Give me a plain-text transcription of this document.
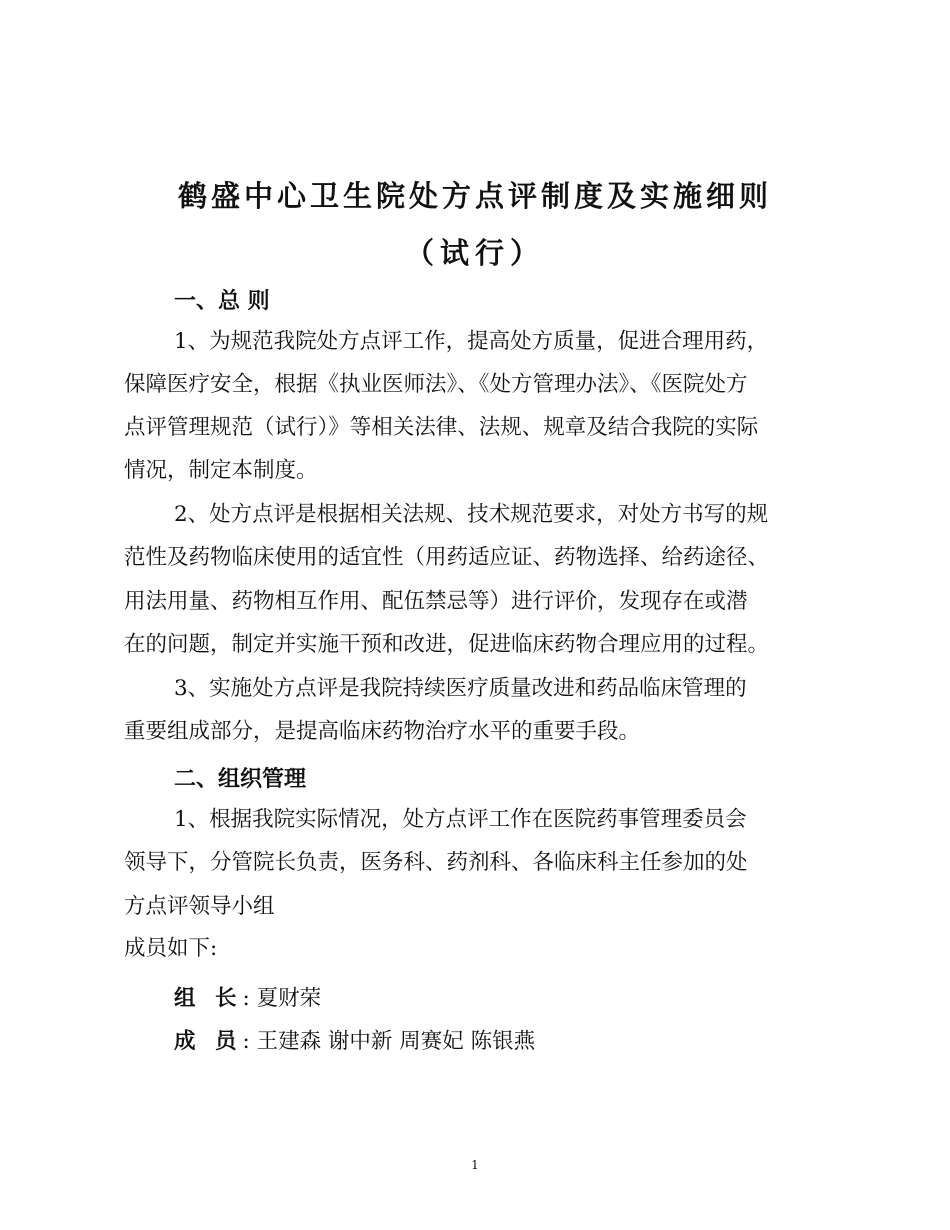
鹤盛中心卫生院处方点评制度及实施细则
（试行）
一、总 则
1、为规范我院处方点评工作，提高处方质量，促进合理用药，
保障医疗安全，根据《执业医师法》、《处方管理办法》、《医院处方
点评管理规范（试行）》等相关法律、法规、规章及结合我院的实际
情况，制定本制度。
2、处方点评是根据相关法规、技术规范要求，对处方书写的规
范性及药物临床使用的适宜性（用药适应证、药物选择、给药途径、
用法用量、药物相互作用、配伍禁忌等）进行评价，发现存在或潜
在的问题，制定并实施干预和改进，促进临床药物合理应用的过程。
3、实施处方点评是我院持续医疗质量改进和药品临床管理的
重要组成部分，是提高临床药物治疗水平的重要手段。
二、组织管理
1、根据我院实际情况，处方点评工作在医院药事管理委员会
领导下，分管院长负责，医务科、药剂科、各临床科主任参加的处
方点评领导小组
成员如下:
组 长: 夏财荣
成 员: 王建森 谢中新 周赛妃 陈银燕
1
